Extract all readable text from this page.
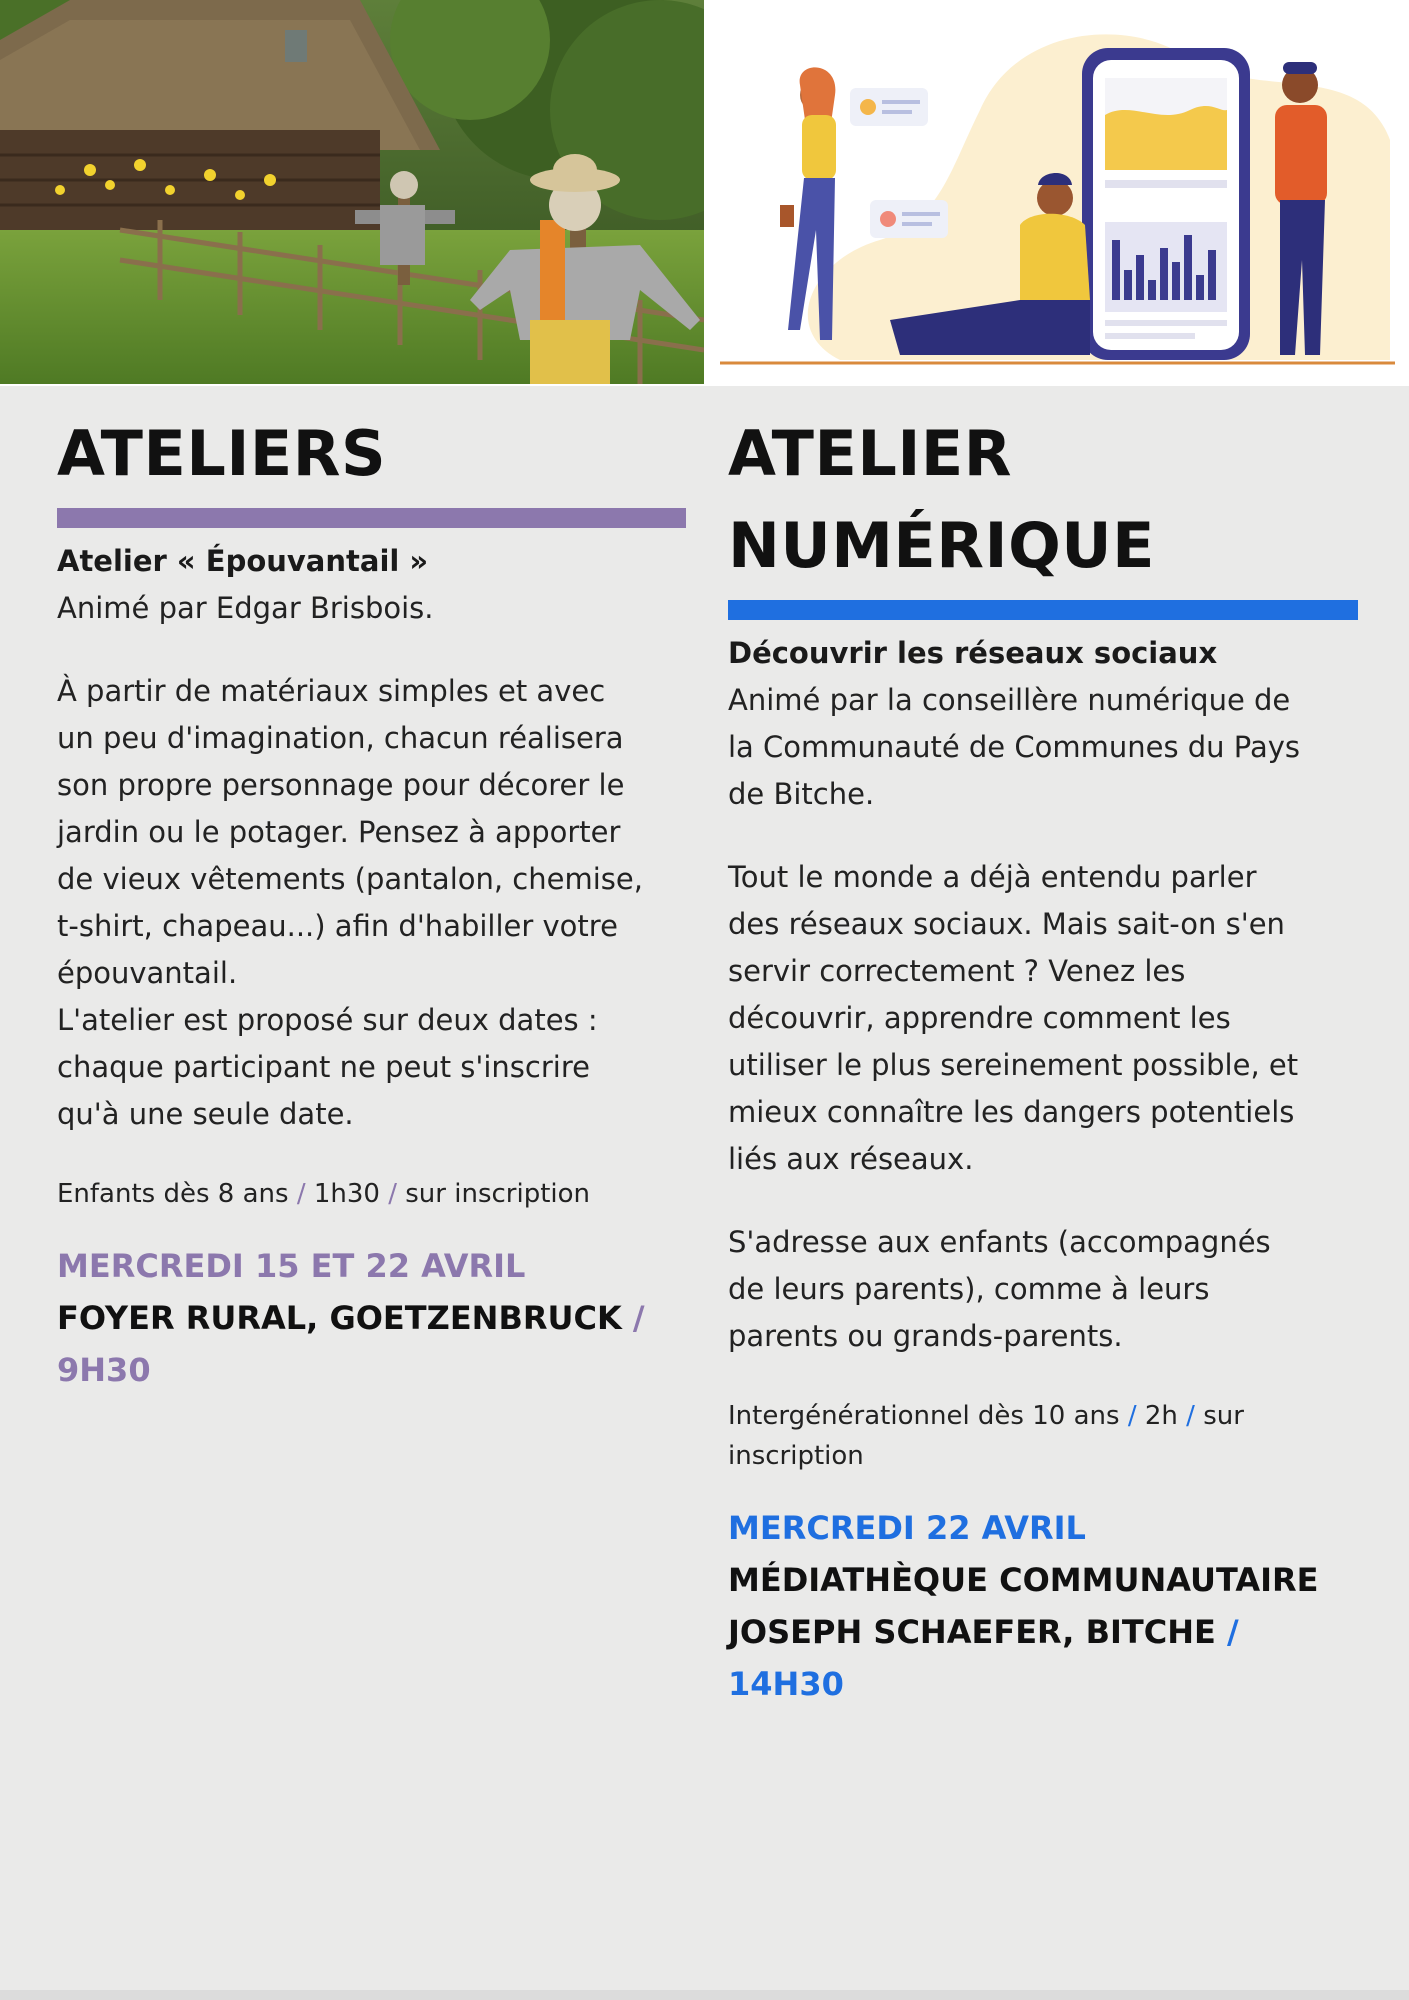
ATELIERS
Atelier « Épouvantail »
Animé par Edgar Brisbois.
À partir de matériaux simples et avec
un peu d'imagination, chacun réalisera
son propre personnage pour décorer le
jardin ou le potager. Pensez à apporter
de vieux vêtements (pantalon, chemise,
t-shirt, chapeau...) afin d'habiller votre
épouvantail.
L'atelier est proposé sur deux dates :
chaque participant ne peut s'inscrire
qu'à une seule date.
Enfants dès 8 ans / 1h30 / sur inscription
MERCREDI 15 ET 22 AVRIL
FOYER RURAL, GOETZENBRUCK /
9H30
ATELIER
NUMÉRIQUE
Découvrir les réseaux sociaux
Animé par la conseillère numérique de
la Communauté de Communes du Pays
de Bitche.
Tout le monde a déjà entendu parler
des réseaux sociaux. Mais sait-on s'en
servir correctement ? Venez les
découvrir, apprendre comment les
utiliser le plus sereinement possible, et
mieux connaître les dangers potentiels
liés aux réseaux.
S'adresse aux enfants (accompagnés
de leurs parents), comme à leurs
parents ou grands-parents.
Intergénérationnel dès 10 ans / 2h / sur
inscription
MERCREDI 22 AVRIL
MÉDIATHÈQUE COMMUNAUTAIRE
JOSEPH SCHAEFER, BITCHE /
14H30
